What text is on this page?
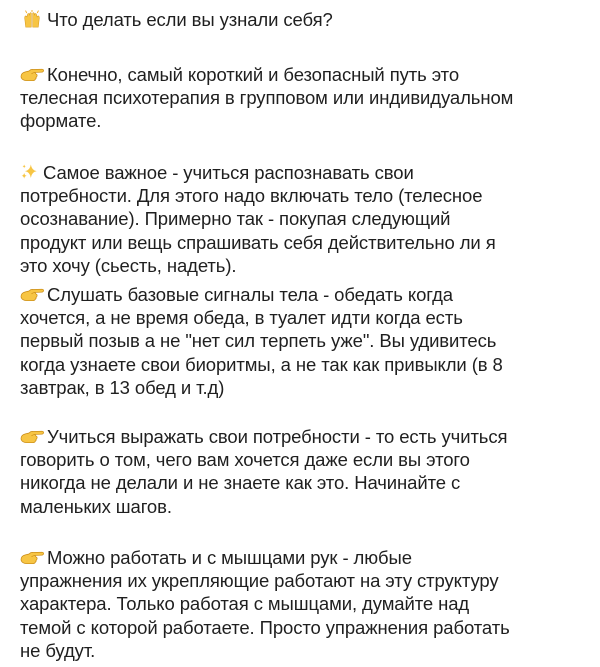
Что делать если вы узнали себя?

Конечно, самый короткий и безопасный путь это
телесная психотерапия в групповом или индивидуальном
формате.

Самое важное - учиться распознавать свои
потребности. Для этого надо включать тело (телесное
осознавание). Примерно так - покупая следующий
продукт или вещь спрашивать себя действительно ли я
это хочу (сьесть, надеть).

Слушать базовые сигналы тела - обедать когда
хочется, а не время обеда, в туалет идти когда есть
первый позыв а не "нет сил терпеть уже". Вы удивитесь
когда узнаете свои биоритмы, а не так как привыкли (в 8
завтрак, в 13 обед и т.д)

Учиться выражать свои потребности - то есть учиться
говорить о том, чего вам хочется даже если вы этого
никогда не делали и не знаете как это. Начинайте с
маленьких шагов.

Можно работать и с мышцами рук - любые
упражнения их укрепляющие работают на эту структуру
характера. Только работая с мышцами, думайте над
темой с которой работаете. Просто упражнения работать
не будут.
